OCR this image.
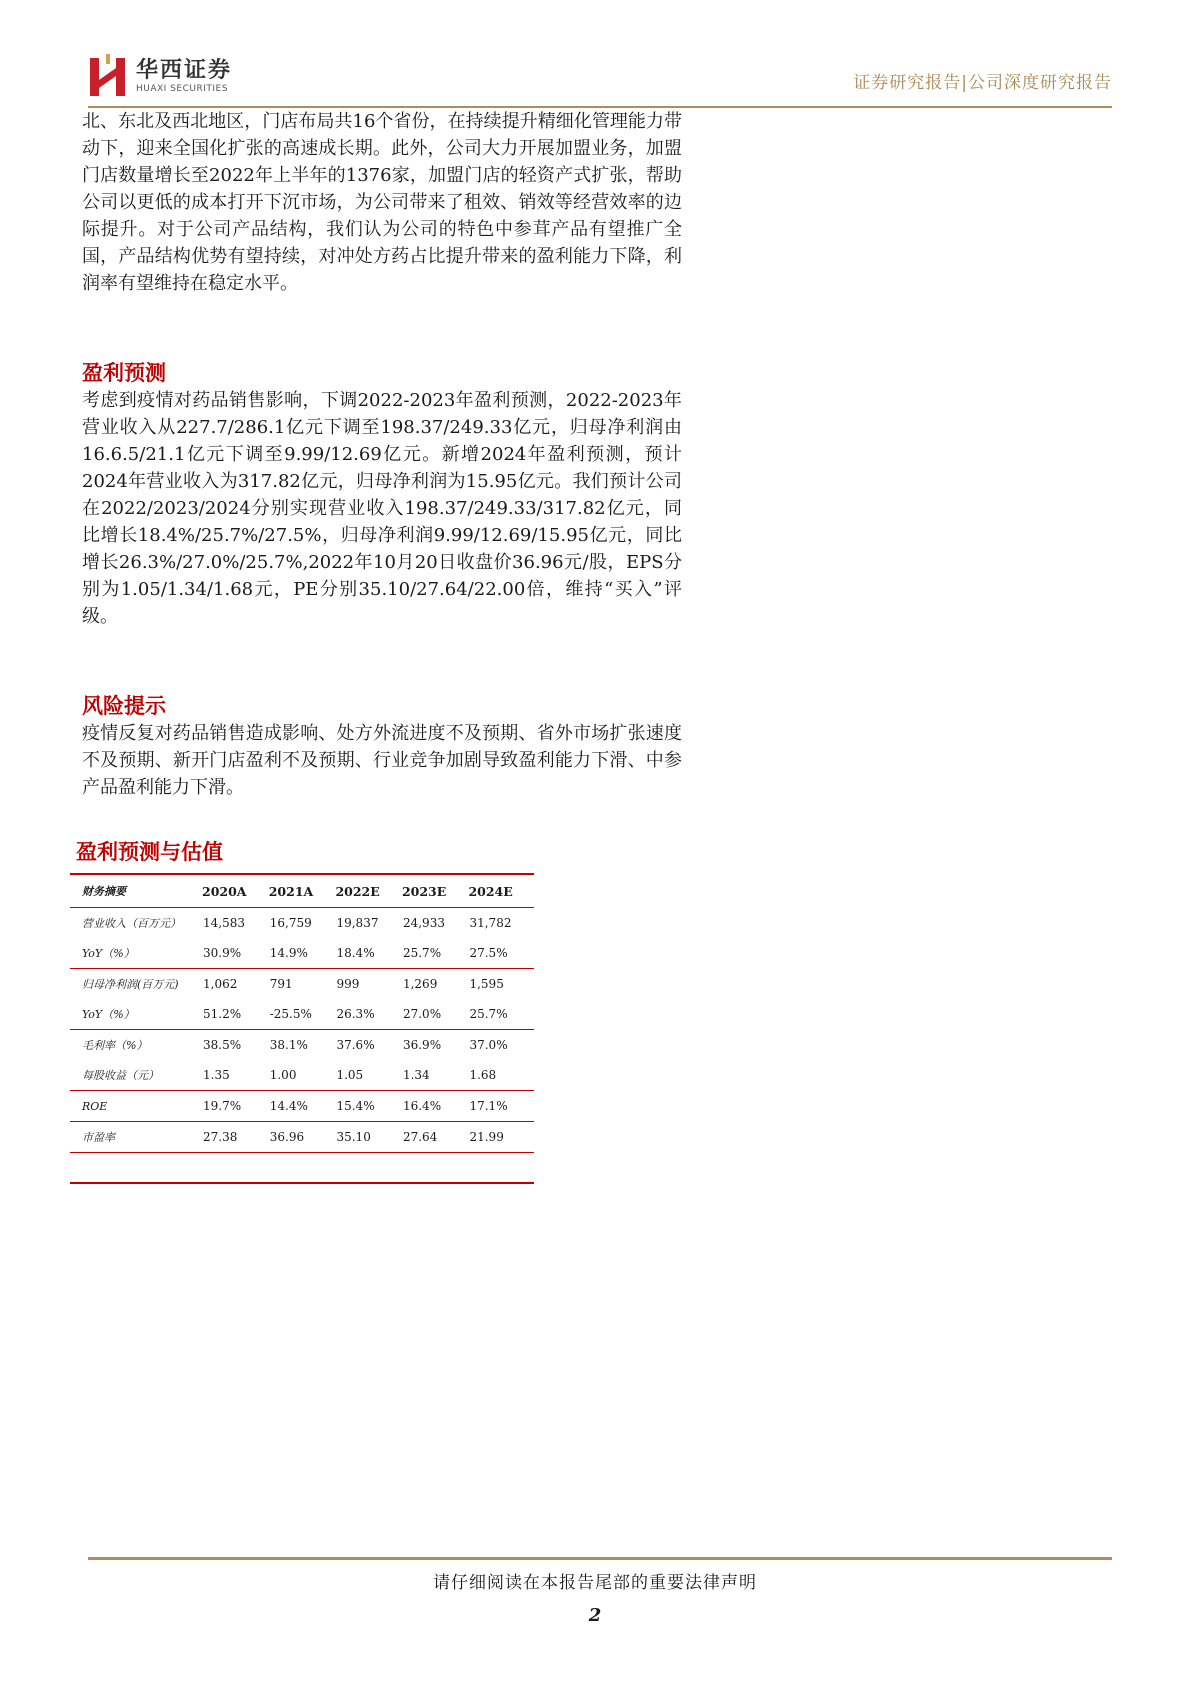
华西证券
HUAXI SECURITIES	证券研究报告|公司深度研究报告
北、东北及西北地区，门店布局共16个省份，在持续提升精细化管理能力带动下，迎来全国化扩张的高速成长期。此外，公司大力开展加盟业务，加盟门店数量增长至2022年上半年的1376家，加盟门店的轻资产式扩张，帮助公司以更低的成本打开下沉市场，为公司带来了租效、销效等经营效率的边际提升。对于公司产品结构，我们认为公司的特色中参茸产品有望推广全国，产品结构优势有望持续，对冲处方药占比提升带来的盈利能力下降，利润率有望维持在稳定水平。
盈利预测
考虑到疫情对药品销售影响，下调2022-2023年盈利预测，2022-2023年营业收入从227.7/286.1亿元下调至198.37/249.33亿元，归母净利润由16.6.5/21.1亿元下调至9.99/12.69亿元。新增2024年盈利预测，预计2024年营业收入为317.82亿元，归母净利润为15.95亿元。我们预计公司在2022/2023/2024分别实现营业收入198.37/249.33/317.82亿元，同比增长18.4%/25.7%/27.5%，归母净利润9.99/12.69/15.95亿元，同比增长26.3%/27.0%/25.7%,2022年10月20日收盘价36.96元/股，EPS分别为1.05/1.34/1.68元，PE分别35.10/27.64/22.00倍，维持“买入”评级。
风险提示
疫情反复对药品销售造成影响、处方外流进度不及预期、省外市场扩张速度不及预期、新开门店盈利不及预期、行业竞争加剧导致盈利能力下滑、中参产品盈利能力下滑。
盈利预测与估值
财务摘要	2020A	2021A	2022E	2023E	2024E
营业收入（百万元）	14,583	16,759	19,837	24,933	31,782
YoY（%）	30.9%	14.9%	18.4%	25.7%	27.5%
归母净利润(百万元)	1,062	791	999	1,269	1,595
YoY（%）	51.2%	-25.5%	26.3%	27.0%	25.7%
毛利率（%）	38.5%	38.1%	37.6%	36.9%	37.0%
每股收益（元）	1.35	1.00	1.05	1.34	1.68
ROE	19.7%	14.4%	15.4%	16.4%	17.1%
市盈率	27.38	36.96	35.10	27.64	21.99
请仔细阅读在本报告尾部的重要法律声明
2
